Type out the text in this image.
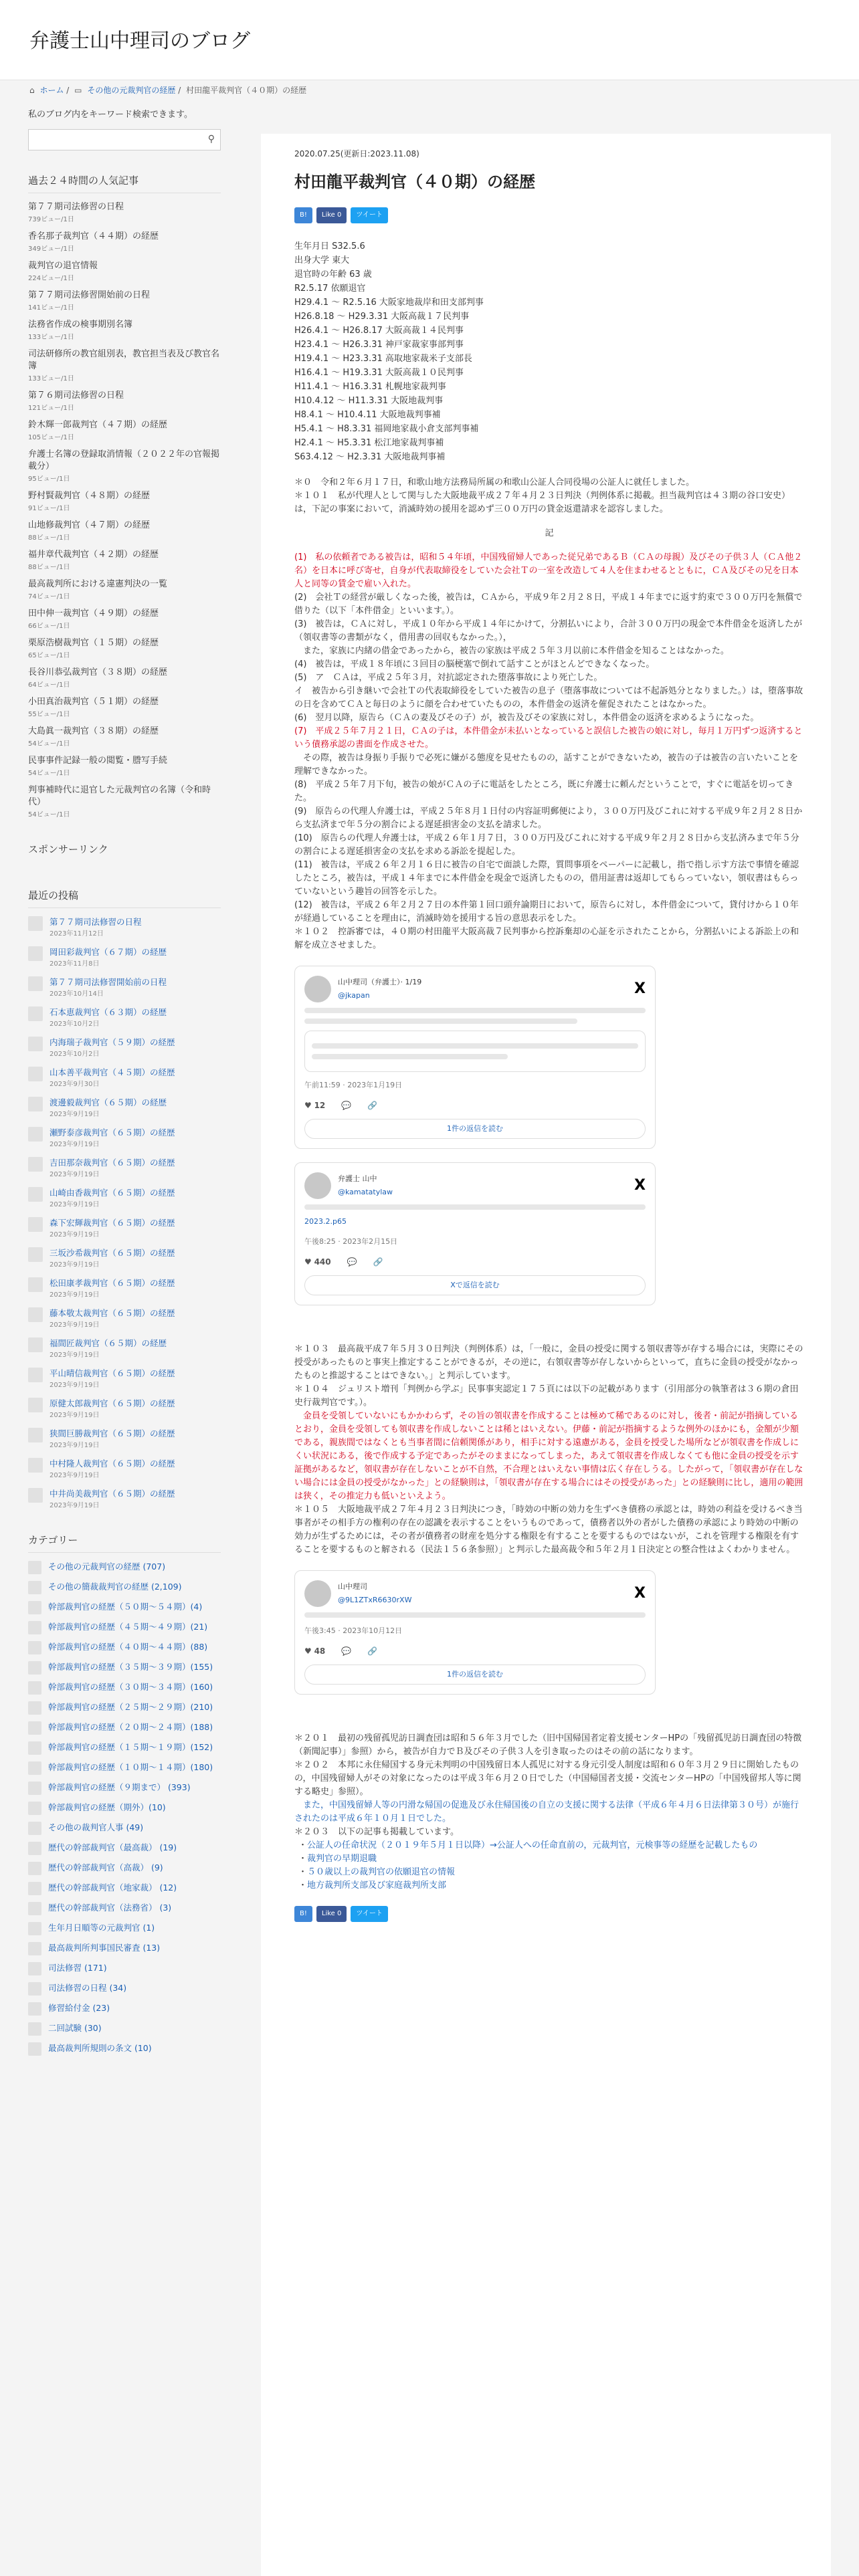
弁護士山中理司のブログ
⌂ ホーム / ▭ その他の元裁判官の経歴 / 村田龍平裁判官（４０期）の経歴
私のブログ内をキーワード検索できます。
⚲
過去２４時間の人気記事
第７７期司法修習の日程
739ビュー/1日
香名那子裁判官（４４期）の経歴
349ビュー/1日
裁判官の退官情報
224ビュー/1日
第７７期司法修習開始前の日程
141ビュー/1日
法務省作成の検事期別名簿
133ビュー/1日
司法研修所の教官組別表，教官担当表及び教官名簿
133ビュー/1日
第７６期司法修習の日程
121ビュー/1日
鈴木輝一郎裁判官（４７期）の経歴
105ビュー/1日
弁護士名簿の登録取消情報（２０２２年の官報掲載分）
95ビュー/1日
野村賢裁判官（４８期）の経歴
91ビュー/1日
山地修裁判官（４７期）の経歴
88ビュー/1日
福井章代裁判官（４２期）の経歴
88ビュー/1日
最高裁判所における違憲判決の一覧
74ビュー/1日
田中伸一裁判官（４９期）の経歴
66ビュー/1日
栗原浩樹裁判官（１５期）の経歴
65ビュー/1日
長谷川恭弘裁判官（３８期）の経歴
64ビュー/1日
小田真治裁判官（５１期）の経歴
55ビュー/1日
大島眞一裁判官（３８期）の経歴
54ビュー/1日
民事事件記録一般の閲覧・謄写手続
54ビュー/1日
判事補時代に退官した元裁判官の名簿（令和時代）
54ビュー/1日
スポンサーリンク
最近の投稿
第７７期司法修習の日程
2023年11月12日
岡田彩裁判官（６７期）の経歴
2023年11月8日
第７７期司法修習開始前の日程
2023年10月14日
石本恵裁判官（６３期）の経歴
2023年10月2日
内海瑞子裁判官（５９期）の経歴
2023年10月2日
山本善平裁判官（４５期）の経歴
2023年9月30日
渡邊毅裁判官（６５期）の経歴
2023年9月19日
瀬野泰彦裁判官（６５期）の経歴
2023年9月19日
吉田那奈裁判官（６５期）の経歴
2023年9月19日
山崎由香裁判官（６５期）の経歴
2023年9月19日
森下宏輝裁判官（６５期）の経歴
2023年9月19日
三坂沙希裁判官（６５期）の経歴
2023年9月19日
松田康孝裁判官（６５期）の経歴
2023年9月19日
藤本敬太裁判官（６５期）の経歴
2023年9月19日
福間匠裁判官（６５期）の経歴
2023年9月19日
平山晴信裁判官（６５期）の経歴
2023年9月19日
原健太郎裁判官（６５期）の経歴
2023年9月19日
狭間巨勝裁判官（６５期）の経歴
2023年9月19日
中村隆人裁判官（６５期）の経歴
2023年9月19日
中井尚美裁判官（６５期）の経歴
2023年9月19日
カテゴリー
その他の元裁判官の経歴 (707)
その他の簡裁裁判官の経歴 (2,109)
幹部裁判官の経歴（５０期〜５４期）(4)
幹部裁判官の経歴（４５期〜４９期）(21)
幹部裁判官の経歴（４０期〜４４期）(88)
幹部裁判官の経歴（３５期〜３９期）(155)
幹部裁判官の経歴（３０期〜３４期）(160)
幹部裁判官の経歴（２５期〜２９期）(210)
幹部裁判官の経歴（２０期〜２４期）(188)
幹部裁判官の経歴（１５期〜１９期）(152)
幹部裁判官の経歴（１０期〜１４期）(180)
幹部裁判官の経歴（９期まで） (393)
幹部裁判官の経歴（期外）(10)
その他の裁判官人事 (49)
歴代の幹部裁判官（最高裁） (19)
歴代の幹部裁判官（高裁） (9)
歴代の幹部裁判官（地家裁） (12)
歴代の幹部裁判官（法務省） (3)
生年月日順等の元裁判官 (1)
最高裁判所判事国民審査 (13)
司法修習 (171)
司法修習の日程 (34)
修習給付金 (23)
二回試験 (30)
最高裁判所規則の条文 (10)
2020.07.25(更新日:2023.11.08)
村田龍平裁判官（４０期）の経歴
B!	Like 0	ツイート

生年月日 S32.5.6

出身大学 東大

退官時の年齢 63 歳

R2.5.17 依願退官

H29.4.1 〜 R2.5.16 大阪家地裁岸和田支部判事

H26.8.18 〜 H29.3.31 大阪高裁１７民判事

H26.4.1 〜 H26.8.17 大阪高裁１４民判事

H23.4.1 〜 H26.3.31 神戸家裁家事部判事

H19.4.1 〜 H23.3.31 高取地家裁米子支部長

H16.4.1 〜 H19.3.31 大阪高裁１０民判事

H11.4.1 〜 H16.3.31 札幌地家裁判事

H10.4.12 〜 H11.3.31 大阪地裁判事

H8.4.1 〜 H10.4.11 大阪地裁判事補

H5.4.1 〜 H8.3.31 福岡地家裁小倉支部判事補

H2.4.1 〜 H5.3.31 松江地家裁判事補

S63.4.12 〜 H2.3.31 大阪地裁判事補

＊０　令和２年６月１７日，和歌山地方法務局所属の和歌山公証人合同役場の公証人に就任しました。

＊１０１　私が代理人として関与した大阪地裁平成２７年４月２３日判決（判例体系に掲載。担当裁判官は４３期の谷口安史）は，下記の事案において，消滅時効の援用を認めず三００万円の貸金返還請求を認容しました。

記

(1)　私の依頼者である被告は，昭和５４年頃，中国残留婦人であった従兄弟であるＢ（ＣＡの母親）及びその子供３人（ＣＡ他２名）を日本に呼び寄せ，自身が代表取締役をしていた会社Ｔの一室を改造して４人を住まわせるとともに，ＣＡ及びその兄を日本人と同等の賃金で雇い入れた。

(2)　会社Ｔの経営が厳しくなった後，被告は，ＣＡから，平成９年２月２８日，平成１４年までに返す約束で３００万円を無償で借りた（以下「本件借金」といいます。）。

(3)　被告は，ＣＡに対し，平成１０年から平成１４年にかけて，分割払いにより，合計３００万円の現金で本件借金を返済したが（領収書等の書類がなく，借用書の回収もなかった。），

　また，家族に内緒の借金であったから，被告の家族は平成２５年３月以前に本件借金を知ることはなかった。

(4)　被告は，平成１８年頃に３回目の脳梗塞で倒れて話すことがほとんどできなくなった。

(5)　ア　ＣＡは，平成２５年３月，対抗認定された堕落事故により死亡した。

イ　被告から引き継いで会社Ｔの代表取締役をしていた被告の息子（堕落事故については不起訴処分となりました。）は，堕落事故の日を含めてＣＡと毎日のように顔を合わせていたものの，本件借金の返済を催促されたことはなかった。

(6)　翌月以降，原告ら（ＣＡの妻及びその子）が，被告及びその家族に対し，本件借金の返済を求めるようになった。

(7)　平成２５年７月２１日，ＣＡの子は，本件借金が未払いとなっていると誤信した被告の娘に対し，毎月１万円ずつ返済するという債務承認の書面を作成させた。

　その際，被告は身振り手振りで必死に嫌がる態度を見せたものの，話すことができないため，被告の子は被告の言いたいことを理解できなかった。

(8)　平成２５年７月下旬，被告の娘がＣＡの子に電話をしたところ，既に弁護士に頼んだということで，すぐに電話を切ってきた。

(9)　原告らの代理人弁護士は，平成２５年８月１日付の内容証明郵便により，３００万円及びこれに対する平成９年２月２８日から支払済まで年５分の割合による遅延損害金の支払を請求した。

(10)　原告らの代理人弁護士は，平成２６年１月７日，３００万円及びこれに対する平成９年２月２８日から支払済みまで年５分の割合による遅延損害金の支払を求める訴訟を提起した。

(11)　被告は，平成２６年２月１６日に被告の自宅で面談した際，質問事項をペーパーに記載し，指で指し示す方法で事情を確認したところ，被告は，平成１４年までに本件借金を現金で返済したものの，借用証書は返却してもらっていない，領収書はもらっていないという趣旨の回答を示した。

(12)　被告は，平成２６年２月２７日の本件第１回口頭弁論期日において，原告らに対し，本件借金について，貸付けから１０年が経過していることを理由に，消滅時効を援用する旨の意思表示をした。

＊１０２　控訴審では，４０期の村田龍平大阪高裁７民判事から控訴棄却の心証を示されたことから，分割払いによる訴訟上の和解を成立させました。

山中理司（弁護士）· 1/19
@jkapan	X
午前11:59 · 2023年1月19日
♥ 12 💬 🔗
1件の返信を読む
弁護士 山中
@kamatatylaw	X
2023.2.p65
午後8:25 · 2023年2月15日
♥ 440 💬 🔗
Xで返信を読む

＊１０３　最高裁平成７年５月３０日判決（判例体系）は，「一般に，金員の授受に関する領収書等が存する場合には，実際にその授受があったものと事実上推定することができるが，その逆に，右領収書等が存しないからといって，直ちに金員の授受がなかったものと推認することはできない。」と判示しています。

＊１０４　ジュリスト増刊「判例から学ぶ」民事事実認定１７５頁には以下の記載があります（引用部分の執筆者は３６期の倉田史行裁判官です。）。

　金員を受領していないにもかかわらず，その旨の領収書を作成することは極めて稀であるのに対し，後者・前記が指摘しているとおり，金員を受領しても領収書を作成しないことは稀とはいえない。伊藤・前記が指摘するような例外のほかにも，金額が少額である，親族間ではなくとも当事者間に信頼関係があり，相手に対する遠慮がある，金員を授受した場所などが領収書を作成しにくい状況にある，後で作成する予定であったがそのままになってしまった，あえて領収書を作成しなくても他に金員の授受を示す証拠があるなど，領収書が存在しないことが不自然，不合理とはいえない事情は広く存在しうる。したがって，「領収書が存在しない場合には金員の授受がなかった」との経験則は，「領収書が存在する場合にはその授受があった」との経験則に比し，適用の範囲は狭く，その推定力も低いといえよう。

＊１０５　大阪地裁平成２７年４月２３日判決につき，「時効の中断の効力を生ずべき債務の承認とは，時効の利益を受けるべき当事者がその相手方の権利の存在の認識を表示することをいうものであって，債務者以外の者がした債務の承認により時効の中断の効力が生ずるためには，その者が債務者の財産を処分する権限を有することを要するものではないが，これを管理する権限を有することを要するものと解される（民法１５６条参照）」と判示した最高裁令和５年２月１日決定との整合性はよくわかりません。

山中理司
@9L1ZTxR6630rXW	X
午後3:45 · 2023年10月12日
♥ 48 💬 🔗
1件の返信を読む

＊２０１　最初の残留孤児訪日調査団は昭和５６年３月でした（旧中国帰国者定着支援センターHPの「残留孤児訪日調査団の特徴（新聞記事）」参照）から，被告が自力でＢ及びその子供３人を引き取ったのはその前の話になります。

＊２０２　本邦に永住帰国する身元未判明の中国残留日本人孤児に対する身元引受人制度は昭和６０年３月２９日に開始したものの，中国残留婦人がその対象になったのは平成３年６月２０日でした（中国帰国者支援・交流センターHPの「中国残留邦人等に関する略史」参照）。

　また，中国残留婦人等の円滑な帰国の促進及び永住帰国後の自立の支援に関する法律（平成６年４月６日法律第３０号）が施行されたのは平成６年１０月１日でした。

＊２０３　以下の記事も掲載しています。

・ 公証人の任命状況（２０１９年５月１日以降）→公証人への任命直前の，元裁判官，元検事等の経歴を記載したもの
・ 裁判官の早期退職
・ ５０歳以上の裁判官の依願退官の情報
・ 地方裁判所支部及び家庭裁判所支部
B!	Like 0	ツイート
